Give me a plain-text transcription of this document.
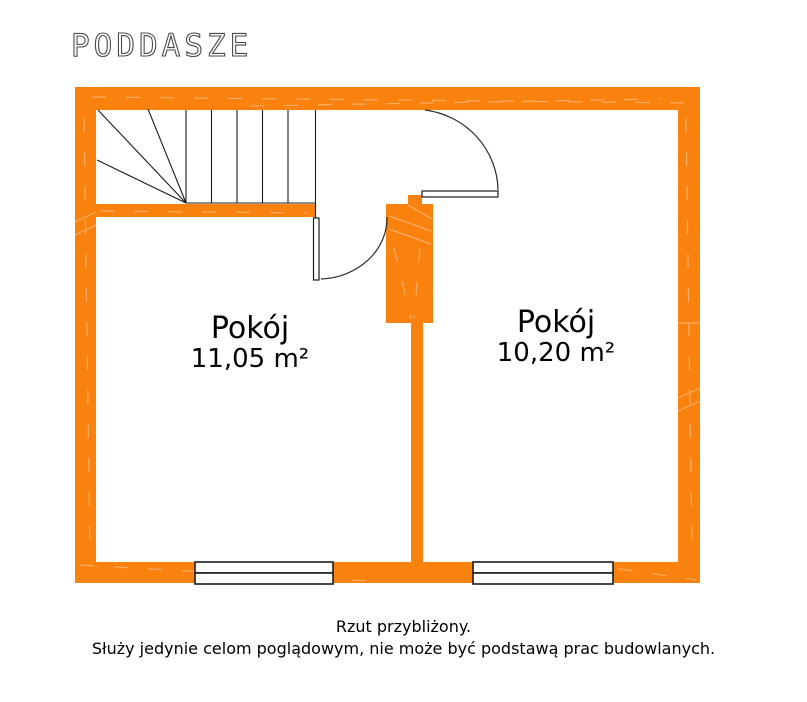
PODDASZE
Pokój
11,05 m²
Pokój
10,20 m²
Rzut przybliżony.
Służy jedynie celom poglądowym, nie może być podstawą prac budowlanych.
